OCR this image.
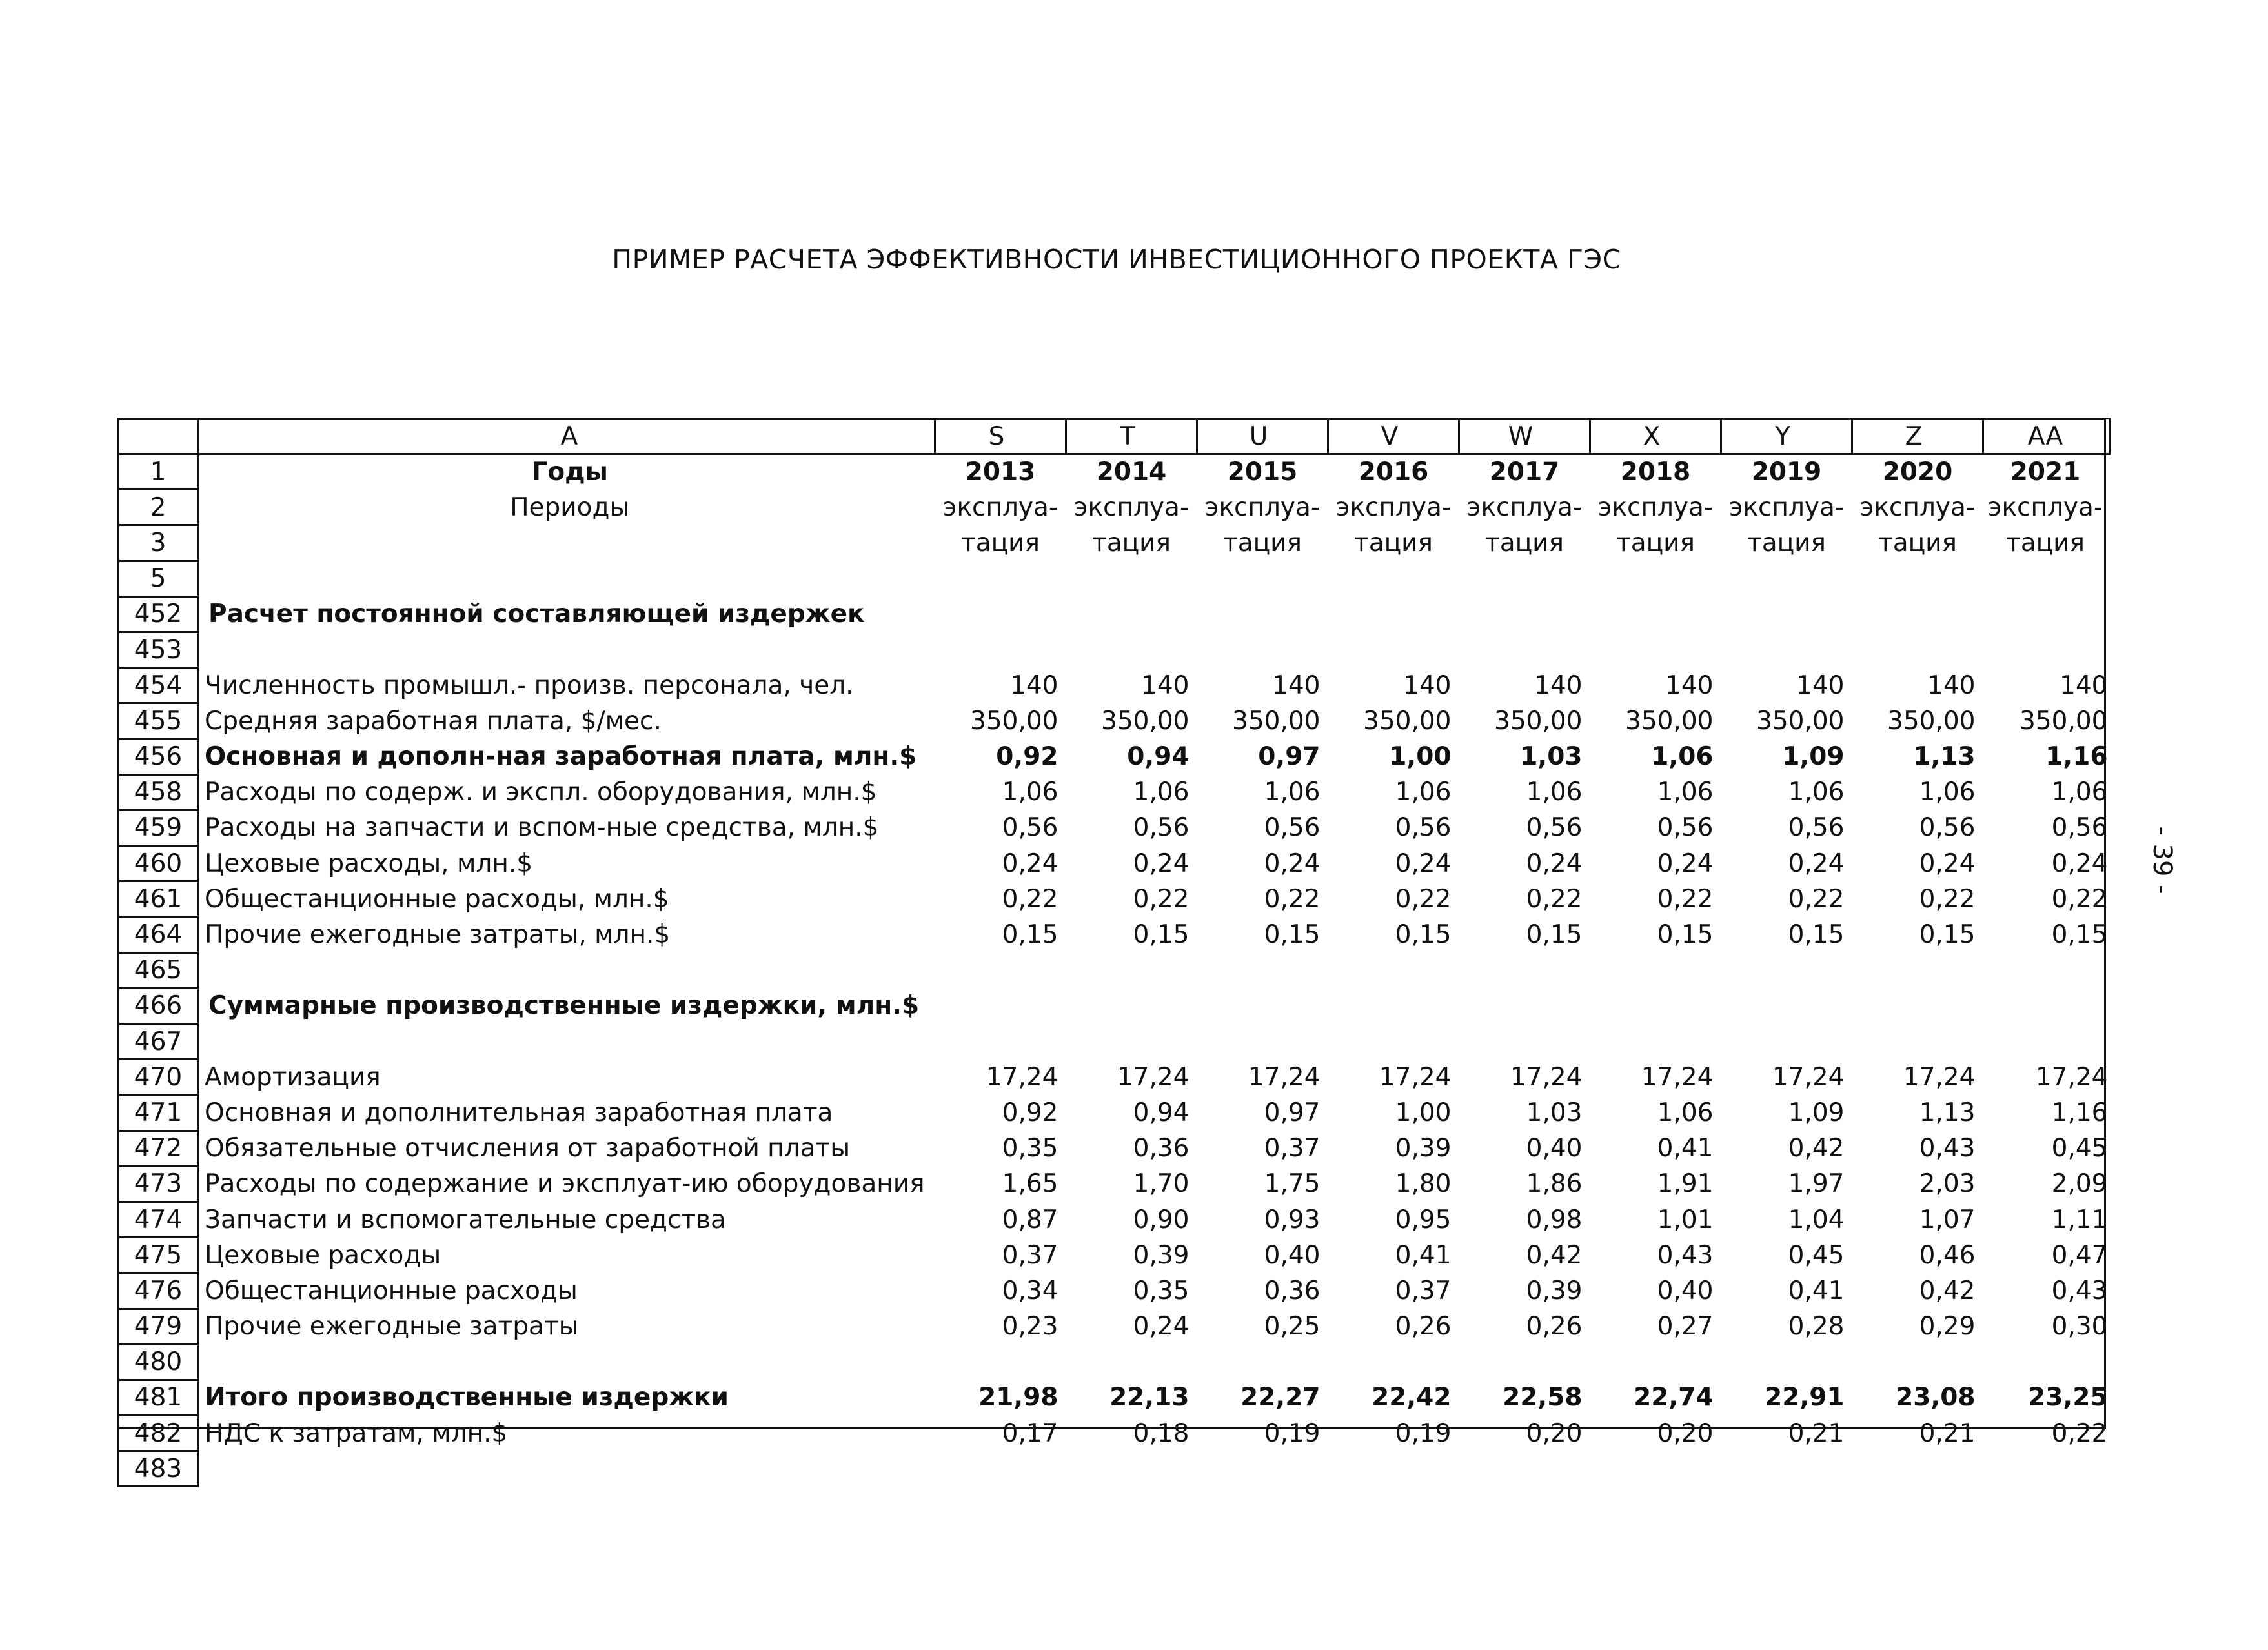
ПРИМЕР РАСЧЕТА ЭФФЕКТИВНОСТИ ИНВЕСТИЦИОННОГО ПРОЕКТА ГЭС
- 39 -
	A	S	T	U	V	W	X	Y	Z	AA
1	Годы	2013	2014	2015	2016	2017	2018	2019	2020	2021
2	Периоды	эксплуа-	эксплуа-	эксплуа-	эксплуа-	эксплуа-	эксплуа-	эксплуа-	эксплуа-	эксплуа-
3		тация	тация	тация	тация	тация	тация	тация	тация	тация
5										
452	Расчет постоянной составляющей издержек									
453										
454	Численность промышл.- произв. персонала, чел.	140	140	140	140	140	140	140	140	140
455	Средняя заработная плата, $/мес.	350,00	350,00	350,00	350,00	350,00	350,00	350,00	350,00	350,00
456	Основная и дополн-ная заработная плата, млн.$	0,92	0,94	0,97	1,00	1,03	1,06	1,09	1,13	1,16
458	Расходы по содерж. и экспл. оборудования, млн.$	1,06	1,06	1,06	1,06	1,06	1,06	1,06	1,06	1,06
459	Расходы на запчасти и вспом-ные средства, млн.$	0,56	0,56	0,56	0,56	0,56	0,56	0,56	0,56	0,56
460	Цеховые расходы, млн.$	0,24	0,24	0,24	0,24	0,24	0,24	0,24	0,24	0,24
461	Общестанционные расходы, млн.$	0,22	0,22	0,22	0,22	0,22	0,22	0,22	0,22	0,22
464	Прочие ежегодные затраты, млн.$	0,15	0,15	0,15	0,15	0,15	0,15	0,15	0,15	0,15
465										
466	Суммарные производственные издержки, млн.$									
467										
470	Амортизация	17,24	17,24	17,24	17,24	17,24	17,24	17,24	17,24	17,24
471	Основная и дополнительная заработная плата	0,92	0,94	0,97	1,00	1,03	1,06	1,09	1,13	1,16
472	Обязательные отчисления от заработной платы	0,35	0,36	0,37	0,39	0,40	0,41	0,42	0,43	0,45
473	Расходы по содержание и эксплуат-ию оборудования	1,65	1,70	1,75	1,80	1,86	1,91	1,97	2,03	2,09
474	Запчасти и вспомогательные средства	0,87	0,90	0,93	0,95	0,98	1,01	1,04	1,07	1,11
475	Цеховые расходы	0,37	0,39	0,40	0,41	0,42	0,43	0,45	0,46	0,47
476	Общестанционные расходы	0,34	0,35	0,36	0,37	0,39	0,40	0,41	0,42	0,43
479	Прочие ежегодные затраты	0,23	0,24	0,25	0,26	0,26	0,27	0,28	0,29	0,30
480										
481	Итого производственные издержки	21,98	22,13	22,27	22,42	22,58	22,74	22,91	23,08	23,25
482	НДС к затратам, млн.$	0,17	0,18	0,19	0,19	0,20	0,20	0,21	0,21	0,22
483										
